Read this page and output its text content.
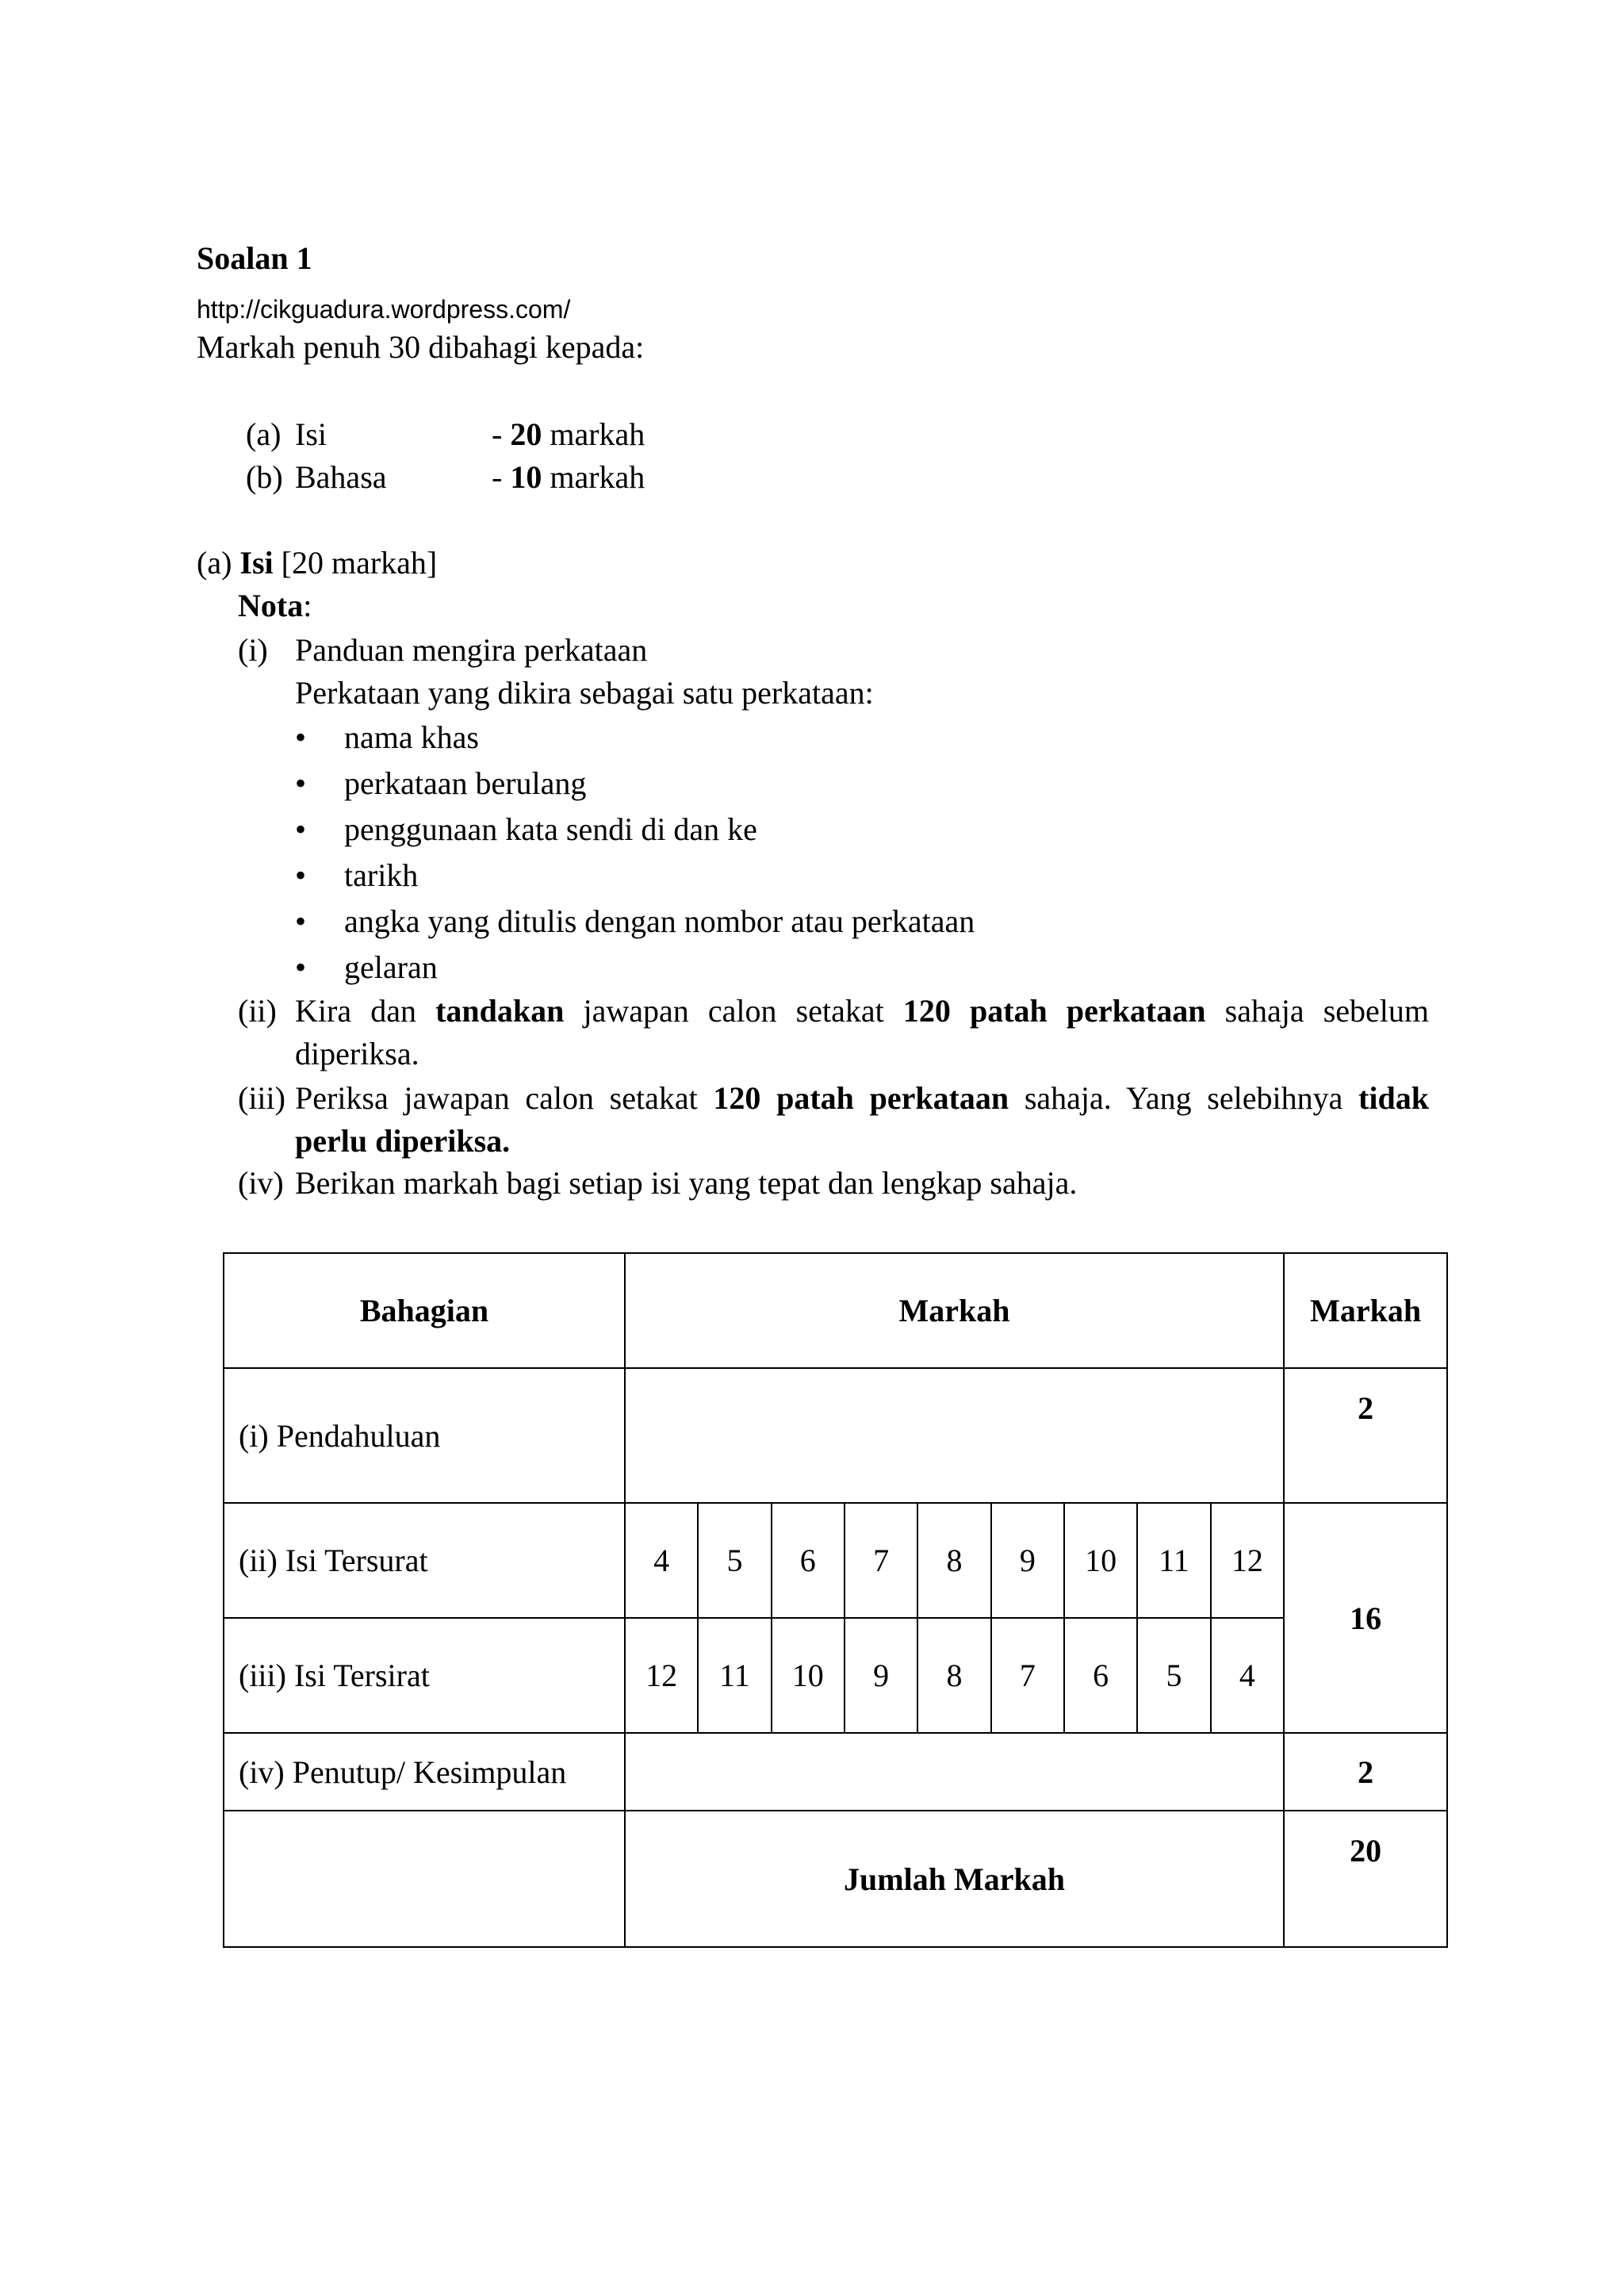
Soalan 1
http://cikguadura.wordpress.com/
Markah penuh 30 dibahagi kepada:
(a) Isi	- 20 markah
(b) Bahasa	- 10 markah
(a) Isi [20 markah]
Nota:
(i) Panduan mengira perkataan
Perkataan yang dikira sebagai satu perkataan:
• nama khas
• perkataan berulang
• penggunaan kata sendi di dan ke
• tarikh
• angka yang ditulis dengan nombor atau perkataan
• gelaran
(ii) Kira dan tandakan jawapan calon setakat 120 patah perkataan sahaja sebelum diperiksa.
(iii) Periksa jawapan calon setakat 120 patah perkataan sahaja. Yang selebihnya tidak perlu diperiksa.
(iv) Berikan markah bagi setiap isi yang tepat dan lengkap sahaja.
Bahagian	Markah									Markah
(i) Pendahuluan										2
(ii) Isi Tersurat	4	5	6	7	8	9	10	11	12	16
(iii) Isi Tersirat	12	11	10	9	8	7	6	5	4	
(iv) Penutup/ Kesimpulan										2
	Jumlah Markah									20
